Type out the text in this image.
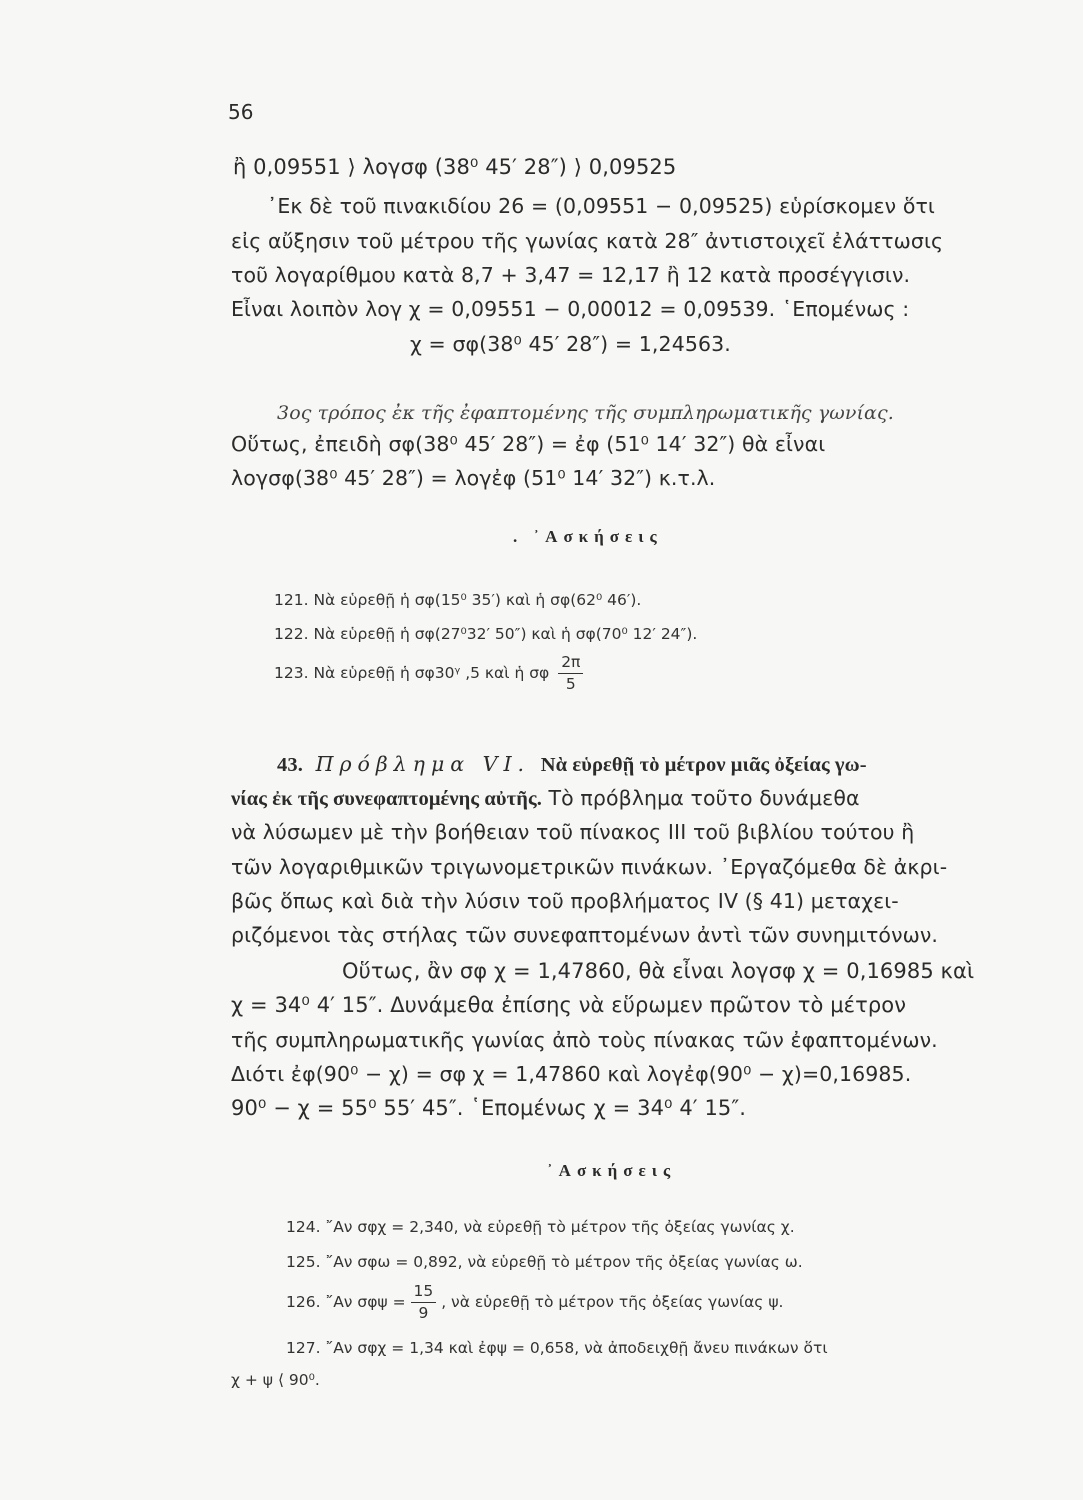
56
ἢ 0,09551 ⟩ λογσφ (38⁰ 45′ 28″) ⟩ 0,09525
᾿Εκ δὲ τοῦ πινακιδίου 26 = (0,09551 − 0,09525) εὑρίσκομεν ὅτι
εἰς αὔξησιν τοῦ μέτρου τῆς γωνίας κατὰ 28″ ἀντιστοιχεῖ ἐλάττωσις
τοῦ λογαρίθμου κατὰ 8,7 + 3,47 = 12,17 ἢ 12 κατὰ προσέγγισιν.
Εἶναι λοιπὸν λογ χ = 0,09551 − 0,00012 = 0,09539. ῾Επομένως :
χ = σφ(38⁰ 45′ 28″) = 1,24563.
3ος τρόπος ἐκ τῆς ἐφαπτομένης τῆς συμπληρωματικῆς γωνίας.
Οὕτως, ἐπειδὴ σφ(38⁰ 45′ 28″) = ἐφ (51⁰ 14′ 32″) θὰ εἶναι
λογσφ(38⁰ 45′ 28″) = λογἐφ (51⁰ 14′ 32″) κ.τ.λ.
. ᾿Ασκήσεις
121. Νὰ εὑρεθῇ ἡ σφ(15⁰ 35′) καὶ ἡ σφ(62⁰ 46′).
122. Νὰ εὑρεθῇ ἡ σφ(27⁰32′ 50″) καὶ ἡ σφ(70⁰ 12′ 24″).
123. Νὰ εὑρεθῇ ἡ σφ30ᵞ ,5 καὶ ἡ σφ $\frac{2\pi}{5}$
43. Πρόβλημα VI. Νὰ εὑρεθῇ τὸ μέτρον μιᾶς ὀξείας γω-
νίας ἐκ τῆς συνεφαπτομένης αὐτῆς. Τὸ πρόβλημα τοῦτο δυνάμεθα
νὰ λύσωμεν μὲ τὴν βοήθειαν τοῦ πίνακος ΙΙΙ τοῦ βιβλίου τούτου ἢ
τῶν λογαριθμικῶν τριγωνομετρικῶν πινάκων. ᾿Εργαζόμεθα δὲ ἀκρι-
βῶς ὅπως καὶ διὰ τὴν λύσιν τοῦ προβλήματος IV (§ 41) μεταχει-
ριζόμενοι τὰς στήλας τῶν συνεφαπτομένων ἀντὶ τῶν συνημιτόνων.
Οὕτως, ἂν σφ χ = 1,47860, θὰ εἶναι λογσφ χ = 0,16985 καὶ
χ = 34⁰ 4′ 15″. Δυνάμεθα ἐπίσης νὰ εὕρωμεν πρῶτον τὸ μέτρον
τῆς συμπληρωματικῆς γωνίας ἀπὸ τοὺς πίνακας τῶν ἐφαπτομένων.
Διότι ἐφ(90⁰ − χ) = σφ χ = 1,47860 καὶ λογἐφ(90⁰ − χ)=0,16985.
90⁰ − χ = 55⁰ 55′ 45″. ῾Επομένως χ = 34⁰ 4′ 15″.
᾿Ασκήσεις
124. ῎Αν σφχ = 2,340, νὰ εὑρεθῇ τὸ μέτρον τῆς ὀξείας γωνίας χ.
125. ῎Αν σφω = 0,892, νὰ εὑρεθῇ τὸ μέτρον τῆς ὀξείας γωνίας ω.
126. ῎Αν $\sigma\varphi\psi = \frac{15}{9}$ , νὰ εὑρεθῇ τὸ μέτρον τῆς ὀξείας γωνίας ψ.
127. ῎Αν σφχ = 1,34 καὶ ἐφψ = 0,658, νὰ ἀποδειχθῇ ἄνευ πινάκων ὅτι
χ + ψ ⟨ 90⁰.
